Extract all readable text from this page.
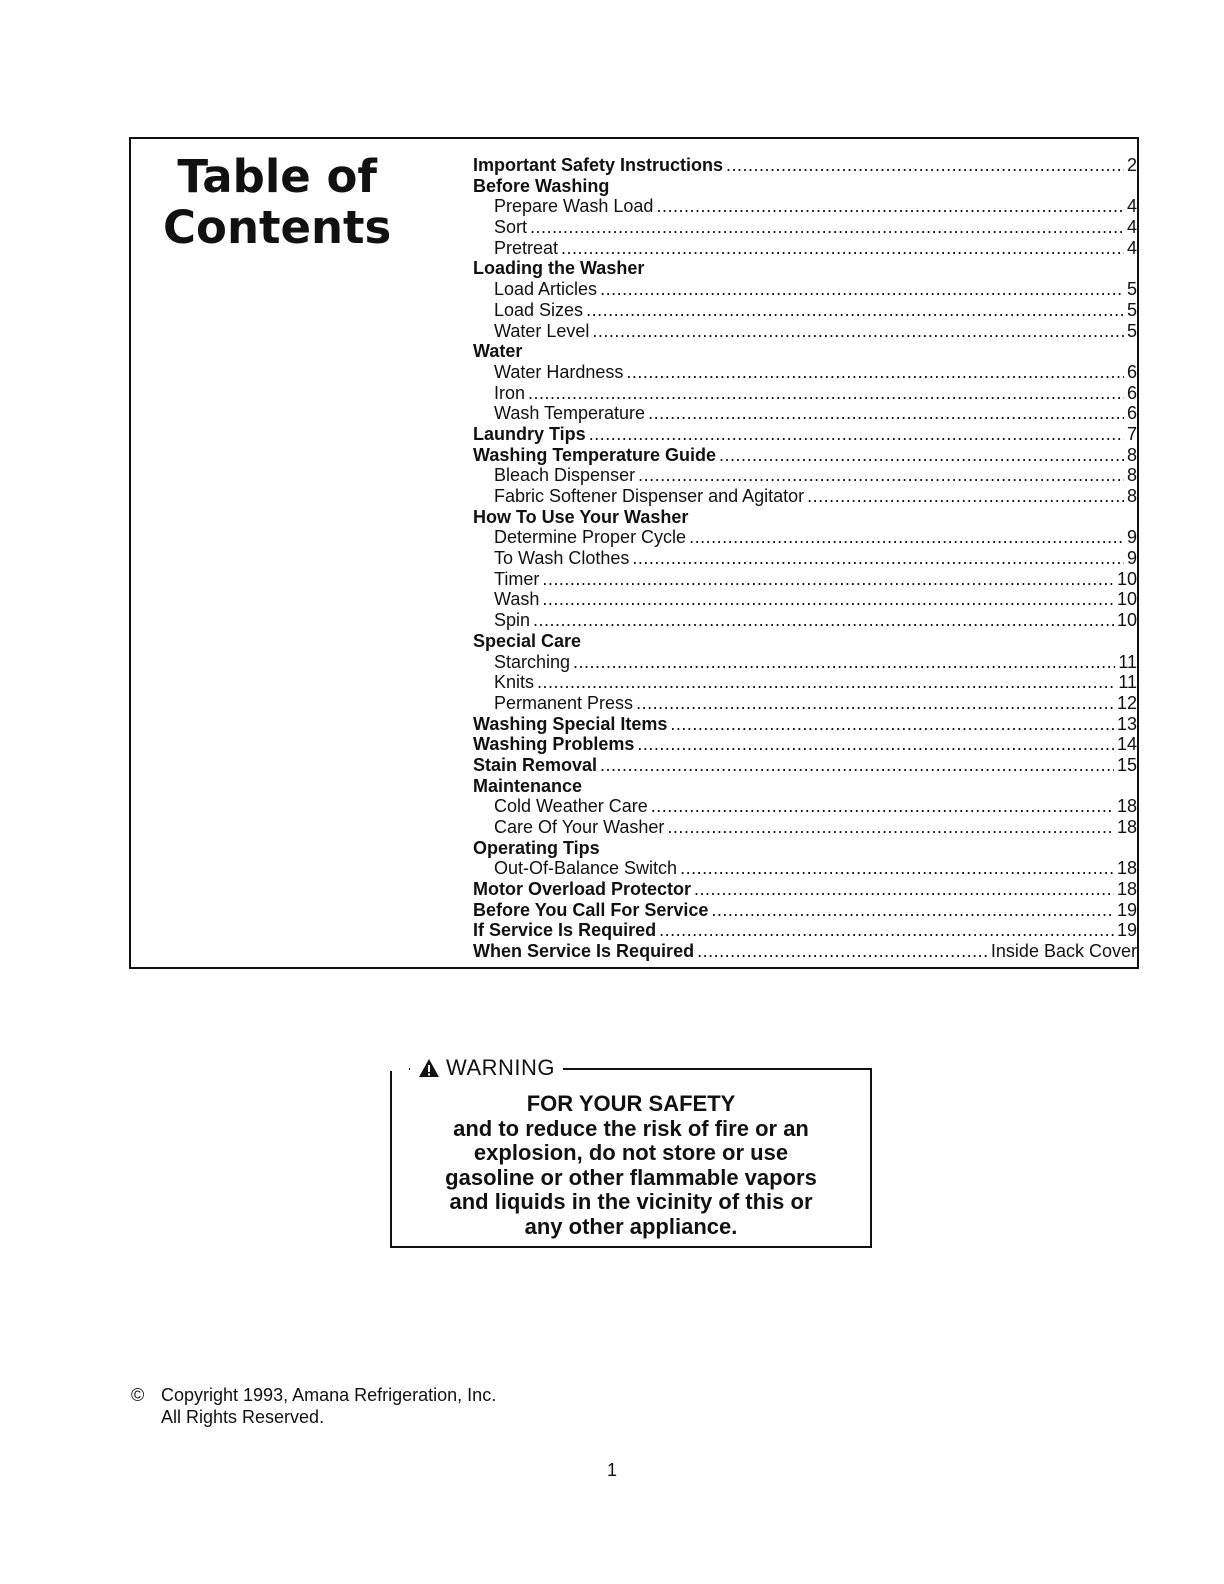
Table of
Contents
Important Safety Instructions .....	2
Before Washing
Prepare Wash Load .....	4
Sort .....	4
Pretreat .....	4
Loading the Washer
Load Articles .....	5
Load Sizes .....	5
Water Level .....	5
Water
Water Hardness .....	6
Iron .....	6
Wash Temperature .....	6
Laundry Tips .....	7
Washing Temperature Guide .....	8
Bleach Dispenser .....	8
Fabric Softener Dispenser and Agitator .....	8
How To Use Your Washer
Determine Proper Cycle .....	9
To Wash Clothes .....	9
Timer .....	10
Wash .....	10
Spin .....	10
Special Care
Starching .....	11
Knits .....	11
Permanent Press .....	12
Washing Special Items .....	13
Washing Problems .....	14
Stain Removal .....	15
Maintenance
Cold Weather Care .....	18
Care Of Your Washer .....	18
Operating Tips
Out-Of-Balance Switch .....	18
Motor Overload Protector .....	18
Before You Call For Service .....	19
If Service Is Required .....	19
When Service Is Required .....	Inside Back Cover
WARNING
FOR YOUR SAFETY
and to reduce the risk of fire or an
explosion, do not store or use
gasoline or other flammable vapors
and liquids in the vicinity of this or
any other appliance.
© Copyright 1993, Amana Refrigeration, Inc.
All Rights Reserved.
1
